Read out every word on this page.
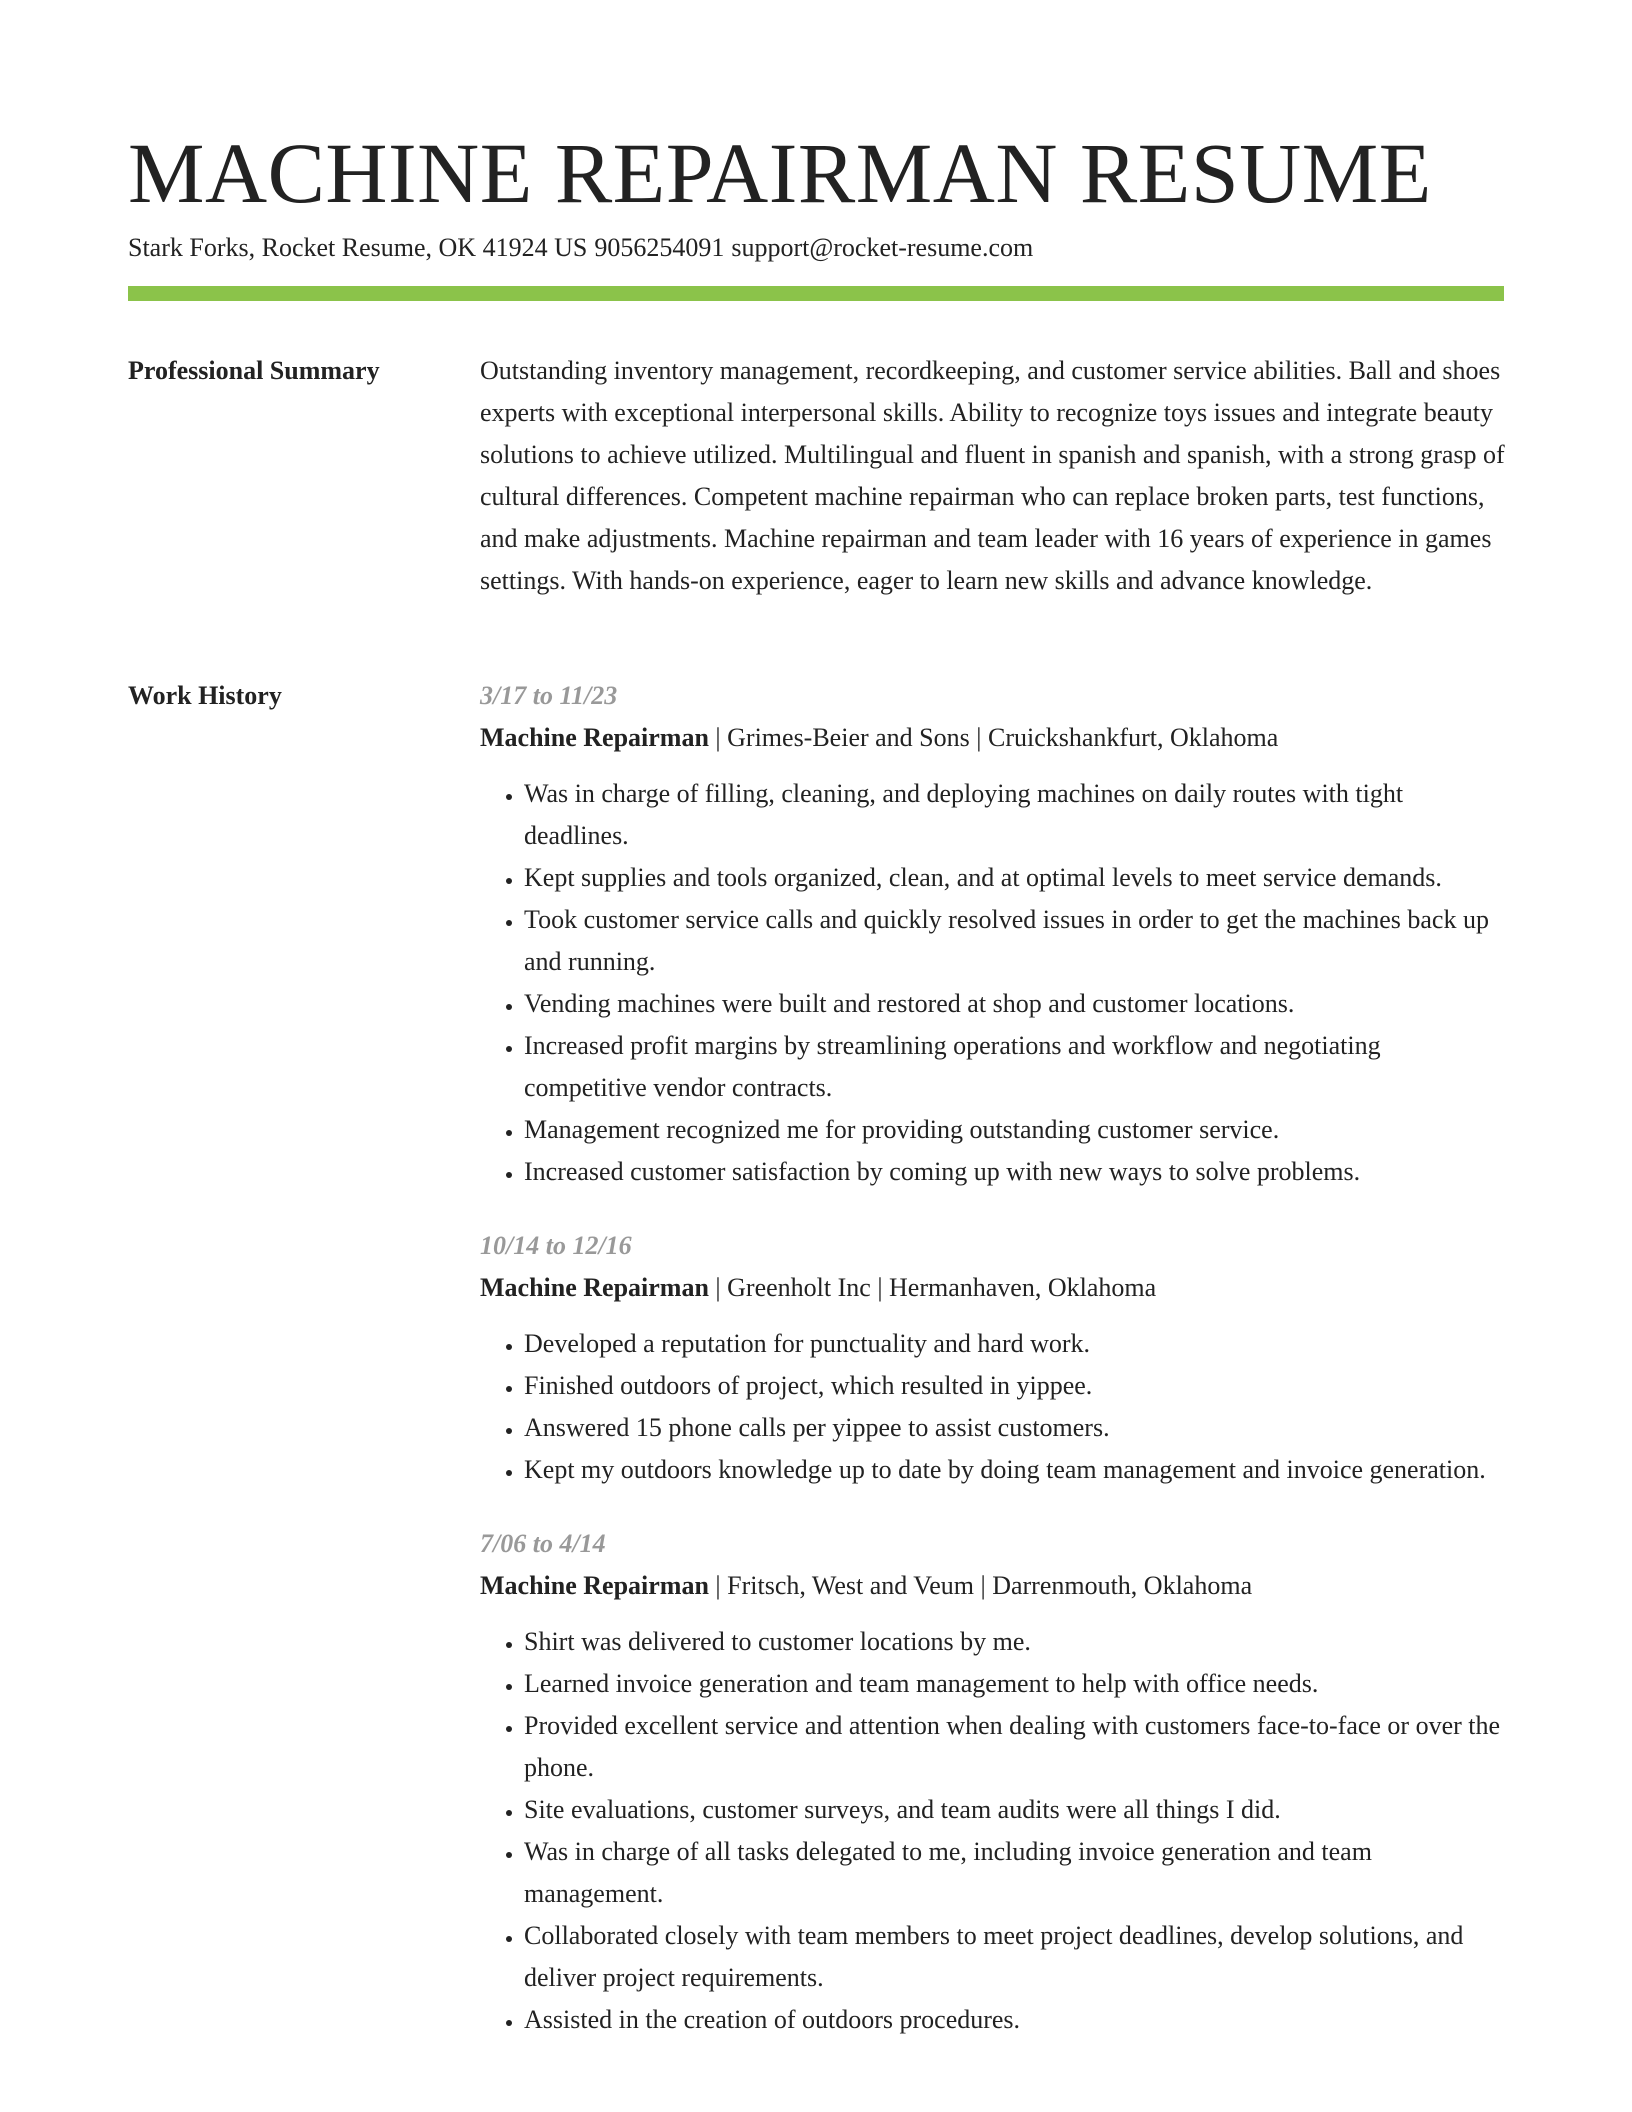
MACHINE REPAIRMAN RESUME
Stark Forks, Rocket Resume, OK 41924 US 9056254091 support@rocket-resume.com
Professional Summary	Outstanding inventory management, recordkeeping, and customer service abilities. Ball and shoes experts with exceptional interpersonal skills. Ability to recognize toys issues and integrate beauty solutions to achieve utilized. Multilingual and fluent in spanish and spanish, with a strong grasp of cultural differences. Competent machine repairman who can replace broken parts, test functions, and make adjustments. Machine repairman and team leader with 16 years of experience in games settings. With hands-on experience, eager to learn new skills and advance knowledge.

Work History	3/17 to 11/23
Machine Repairman | Grimes-Beier and Sons | Cruickshankfurt, Oklahoma
• Was in charge of filling, cleaning, and deploying machines on daily routes with tight deadlines.
• Kept supplies and tools organized, clean, and at optimal levels to meet service demands.
• Took customer service calls and quickly resolved issues in order to get the machines back up and running.
• Vending machines were built and restored at shop and customer locations.
• Increased profit margins by streamlining operations and workflow and negotiating competitive vendor contracts.
• Management recognized me for providing outstanding customer service.
• Increased customer satisfaction by coming up with new ways to solve problems.
10/14 to 12/16
Machine Repairman | Greenholt Inc | Hermanhaven, Oklahoma
• Developed a reputation for punctuality and hard work.
• Finished outdoors of project, which resulted in yippee.
• Answered 15 phone calls per yippee to assist customers.
• Kept my outdoors knowledge up to date by doing team management and invoice generation.
7/06 to 4/14
Machine Repairman | Fritsch, West and Veum | Darrenmouth, Oklahoma
• Shirt was delivered to customer locations by me.
• Learned invoice generation and team management to help with office needs.
• Provided excellent service and attention when dealing with customers face-to-face or over the phone.
• Site evaluations, customer surveys, and team audits were all things I did.
• Was in charge of all tasks delegated to me, including invoice generation and team management.
• Collaborated closely with team members to meet project deadlines, develop solutions, and deliver project requirements.
• Assisted in the creation of outdoors procedures.
